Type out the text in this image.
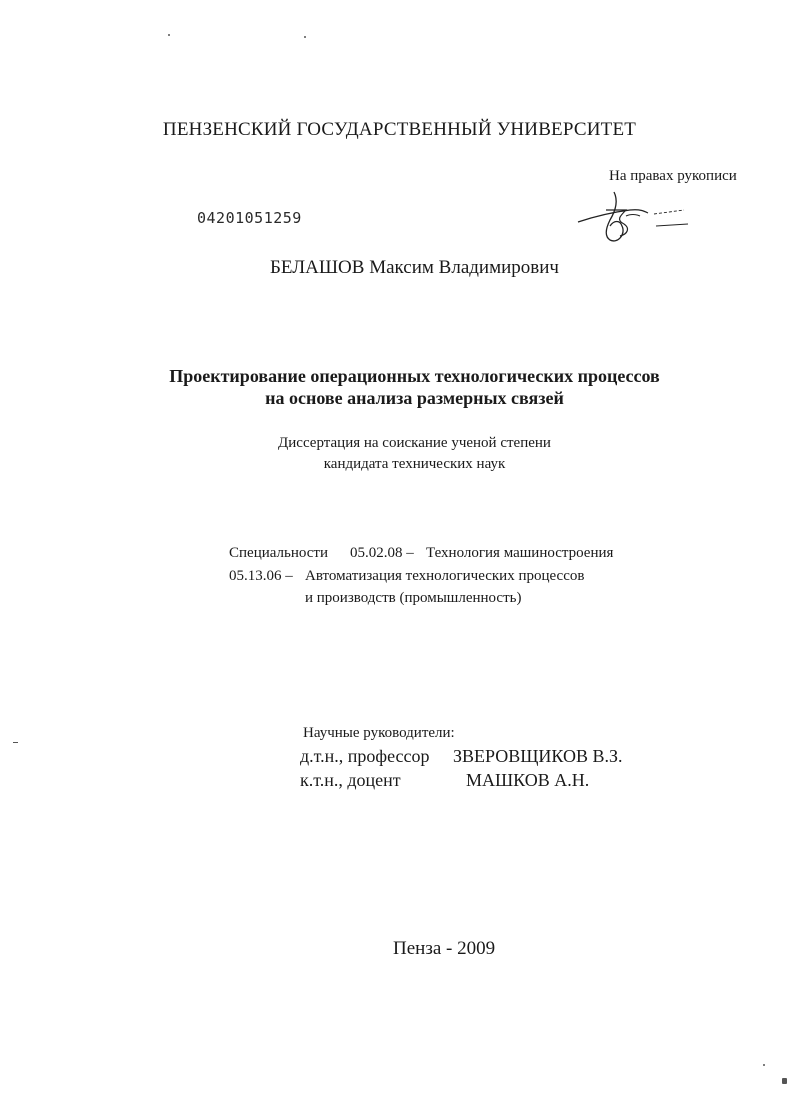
ПЕНЗЕНСКИЙ ГОСУДАРСТВЕННЫЙ УНИВЕРСИТЕТ
На правах рукописи
04201051259
БЕЛАШОВ Максим Владимирович
Проектирование операционных технологических процессов
на основе анализа размерных связей
Диссертация на соискание ученой степени
кандидата технических наук
Специальности 05.02.08 – Технология машиностроения
05.13.06 – Автоматизация технологических процессов
и производств (промышленность)
Научные руководители:
д.т.н., профессор ЗВЕРОВЩИКОВ В.З.
к.т.н., доцент	МАШКОВ А.Н.
Пенза - 2009
